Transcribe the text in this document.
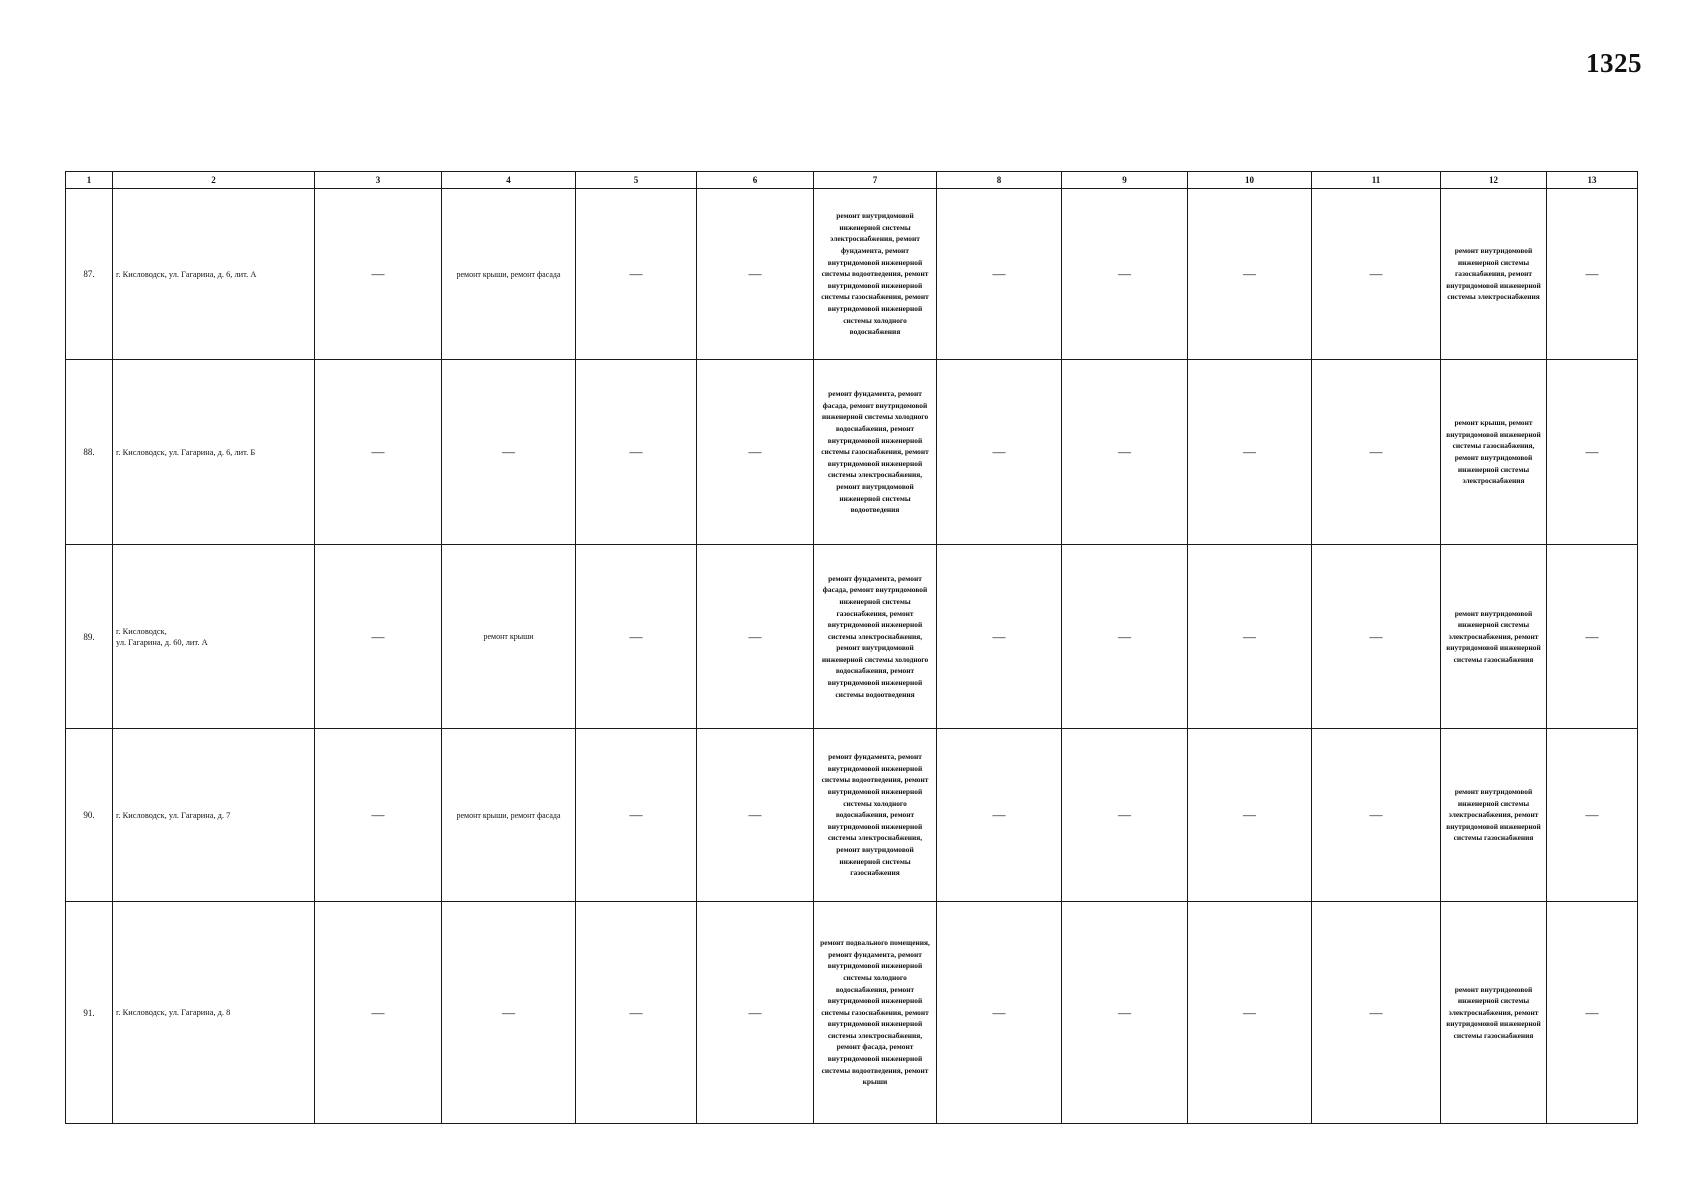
1325
1	2	3	4	5	6	7	8	9	10	11	12	13
87.	г. Кисловодск, ул. Гагарина, д. 6, лит. А	—	ремонт крыши, ремонт фасада	—	—	ремонт внутридомовой инженерной системы электроснабжения, ремонт фундамента, ремонт внутридомовой инженерной системы водоотведения, ремонт внутридомовой инженерной системы газоснабжения, ремонт внутридомовой инженерной системы холодного водоснабжения	—	—	—	—	ремонт внутридомовой инженерной системы газоснабжения, ремонт внутридомовой инженерной системы электроснабжения	—
88.	г. Кисловодск, ул. Гагарина, д. 6, лит. Б	—	—	—	—	ремонт фундамента, ремонт фасада, ремонт внутридомовой инженерной системы холодного водоснабжения, ремонт внутридомовой инженерной системы газоснабжения, ремонт внутридомовой инженерной системы электроснабжения, ремонт внутридомовой инженерной системы водоотведения	—	—	—	—	ремонт крыши, ремонт внутридомовой инженерной системы газоснабжения, ремонт внутридомовой инженерной системы электроснабжения	—
89.	г. Кисловодск,
ул. Гагарина, д. 60, лит. А	—	ремонт крыши	—	—	ремонт фундамента, ремонт фасада, ремонт внутридомовой инженерной системы газоснабжения, ремонт внутридомовой инженерной системы электроснабжения, ремонт внутридомовой инженерной системы холодного водоснабжения, ремонт внутридомовой инженерной системы водоотведения	—	—	—	—	ремонт внутридомовой инженерной системы электроснабжения, ремонт внутридомовой инженерной системы газоснабжения	—
90.	г. Кисловодск, ул. Гагарина, д. 7	—	ремонт крыши, ремонт фасада	—	—	ремонт фундамента, ремонт внутридомовой инженерной системы водоотведения, ремонт внутридомовой инженерной системы холодного водоснабжения, ремонт внутридомовой инженерной системы электроснабжения, ремонт внутридомовой инженерной системы газоснабжения	—	—	—	—	ремонт внутридомовой инженерной системы электроснабжения, ремонт внутридомовой инженерной системы газоснабжения	—
91.	г. Кисловодск, ул. Гагарина, д. 8	—	—	—	—	ремонт подвального помещения, ремонт фундамента, ремонт внутридомовой инженерной системы холодного водоснабжения, ремонт внутридомовой инженерной системы газоснабжения, ремонт внутридомовой инженерной системы электроснабжения, ремонт фасада, ремонт внутридомовой инженерной системы водоотведения, ремонт крыши	—	—	—	—	ремонт внутридомовой инженерной системы электроснабжения, ремонт внутридомовой инженерной системы газоснабжения	—
